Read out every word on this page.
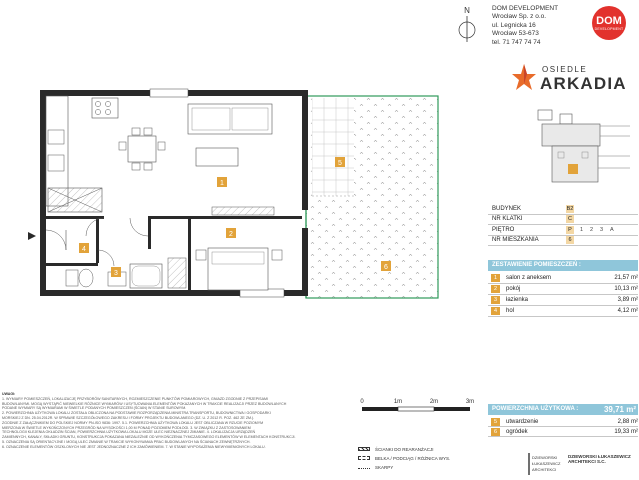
1
2
3
4
5
6
N	DOM DEVELOPMENT
Wrocław Sp. z o.o.
ul. Legnicka 16
Wrocław 53-673
tel. 71 747 74 74
DOM
DEVELOPMENT
OSIEDLE
ARKADIA
BUDYNEK	B2
NR KLATKI	C
PIĘTRO	P	1 2 3 A
NR MIESZKANIA	6
ZESTAWIENIE POMIESZCZEŃ :
1	salon z aneksem	21,57 m²
2	pokój	10,13 m²
3	łazienka	3,89 m²
4	hol	4,12 m²
POWIERZCHNIA UŻYTKOWA :	39,71 m²
5	utwardzenie	2,88 m²
6	ogródek	19,33 m²
UWAGI:
1. WYMIARY POMIESZCZEŃ, LOKALIZACJĘ PRZYBORÓW SANITARNYCH, ROZMIESZCZENIE PUNKTÓW POMIAROWYCH, GNIAZD ZGODNIE Z PRZEPISAMI
BUDOWLANYMI. MOGĄ WYSTĄPIĆ NIEWIELKIE RÓŻNICE WYMIARÓW I USYTUOWANIA ELEMENTÓW POKAZANYCH W TRAKCIE REALIZACJI PRZEZ BUDOWLANYCH
PODANE WYMIARY SĄ WYMIARAMI W ŚWIETLE PODANYCH POMIESZCZEŃ (ŚCIAN) W STANIE SUROWYM.
2. POWIERZCHNIA UŻYTKOWA LOKALU ZOSTAŁA OBLICZONA NA PODSTAWIE ROZPORZĄDZENIA MINISTRA TRANSPORTU, BUDOWNICTWA I GOSPODARKI
MORSKIEJ Z DN. 25.04.2012R. W SPRAWIE SZCZEGÓŁOWEGO ZAKRESU I FORMY PROJEKTU BUDOWLANEGO (DZ. U. Z 2012 R. POZ. 462 ZE ZM.).
ZGODNIE Z ZAŁĄCZNIKIEM DO POLSKIEJ NORMY PN-ISO 9836: 1997. 5.1. POWIERZCHNIA UŻYTKOWA LOKALU JEST OBLICZANA W RZUCIE POZIOMYM
MIERZONA W ŚWIETLE WYKOŃCZONYCH PRZEGRÓD NA WYSOKOŚCI 1,00 M PONAD POZIOMEM PODŁOGI. 3. W ZWIĄZKU Z ZASTOSOWANIEM
TECHNOLOGII KLEJENIA OKŁADZIN ŚCIAN, POWIERZCHNIA UŻYTKOWA LOKALU MOŻE ULEC NIEZNACZNEJ ZMIANIE. 4. LOKALIZACJA URZĄDZEŃ
ZAMIENNYCH, KANAŁY, SKŁADKI GRUNTU, KONSTRUKCJA POKAZANA NIEZALEŻNIE OD WYKOŃCZENIA TYMCZASOWEGO ELEMENTÓW W ELEMENTACH KONSTRUKCJI.
5. OZNACZENIA SĄ ORIENTACYJNE I MOGĄ ULEC ZMIANIE W TRAKCIE WYKONYWANIA PRAC BUDOWLANYCH NA ŚCIANACH ZEWNĘTRZNYCH.
6. OZNACZENIE ELEMENTÓW OSZKLONYCH NIE JEST JEDNOZNACZNE Z ICH ZAMÓWIENIEM. 7. W STANIE WYPOSAŻENIA NIEWYMIENIONYCH LOKALU.
0	1m	2m	3m
ŚCIANKI DO REARANŻACJI
BELKA / PODCIĄG / RÓŻNICA WYS.
SKARPY
DZIEWORSKI
ŁUKASZEWICZ
ARCHITEKCI
DZIEWORSKI ŁUKASZEWICZ
ARCHITEKCI S.C.
